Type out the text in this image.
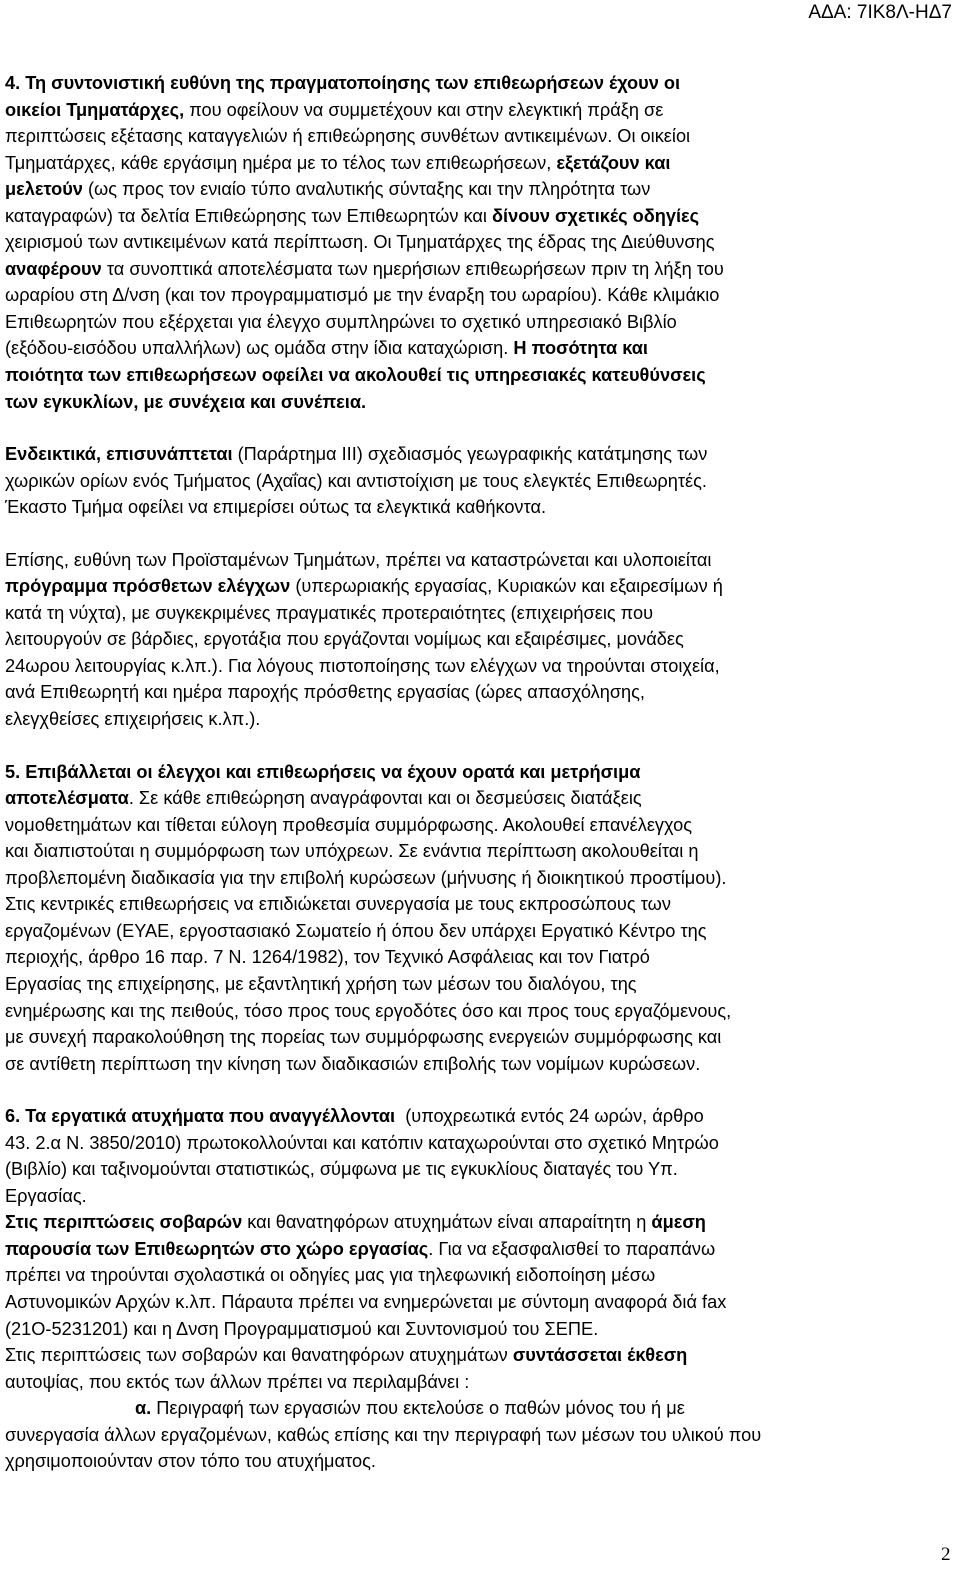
ΑΔΑ: 7ΙΚ8Λ-ΗΔ7

4. Τη συντονιστική ευθύνη της πραγματοποίησης των επιθεωρήσεων έχουν οι

οικείοι Τμηματάρχες, που οφείλουν να συμμετέχουν και στην ελεγκτική πράξη σε

περιπτώσεις εξέτασης καταγγελιών ή επιθεώρησης συνθέτων αντικειμένων. Οι οικείοι

Τμηματάρχες, κάθε εργάσιμη ημέρα με το τέλος των επιθεωρήσεων, εξετάζουν και

μελετούν (ως προς τον ενιαίο τύπο αναλυτικής σύνταξης και την πληρότητα των

καταγραφών) τα δελτία Επιθεώρησης των Επιθεωρητών και δίνουν σχετικές οδηγίες

χειρισμού των αντικειμένων κατά περίπτωση. Οι Τμηματάρχες της έδρας της Διεύθυνσης

αναφέρουν τα συνοπτικά αποτελέσματα των ημερήσιων επιθεωρήσεων πριν τη λήξη του

ωραρίου στη Δ/νση (και τον προγραμματισμό με την έναρξη του ωραρίου). Κάθε κλιμάκιο

Επιθεωρητών που εξέρχεται για έλεγχο συμπληρώνει το σχετικό υπηρεσιακό Βιβλίο

(εξόδου-εισόδου υπαλλήλων) ως ομάδα στην ίδια καταχώριση. Η ποσότητα και

ποιότητα των επιθεωρήσεων οφείλει να ακολουθεί τις υπηρεσιακές κατευθύνσεις

των εγκυκλίων, με συνέχεια και συνέπεια.

Ενδεικτικά, επισυνάπτεται (Παράρτημα ΙΙΙ) σχεδιασμός γεωγραφικής κατάτμησης των

χωρικών ορίων ενός Τμήματος (Αχαΐας) και αντιστοίχιση με τους ελεγκτές Επιθεωρητές.

Έκαστο Τμήμα οφείλει να επιμερίσει ούτως τα ελεγκτικά καθήκοντα.

Επίσης, ευθύνη των Προϊσταμένων Τμημάτων, πρέπει να καταστρώνεται και υλοποιείται

πρόγραμμα πρόσθετων ελέγχων (υπερωριακής εργασίας, Κυριακών και εξαιρεσίμων ή

κατά τη νύχτα), με συγκεκριμένες πραγματικές προτεραιότητες (επιχειρήσεις που

λειτουργούν σε βάρδιες, εργοτάξια που εργάζονται νομίμως και εξαιρέσιμες, μονάδες

24ωρου λειτουργίας κ.λπ.). Για λόγους πιστοποίησης των ελέγχων να τηρούνται στοιχεία,

ανά Επιθεωρητή και ημέρα παροχής πρόσθετης εργασίας (ώρες απασχόλησης,

ελεγχθείσες επιχειρήσεις κ.λπ.).

5. Επιβάλλεται οι έλεγχοι και επιθεωρήσεις να έχουν ορατά και μετρήσιμα

αποτελέσματα. Σε κάθε επιθεώρηση αναγράφονται και οι δεσμεύσεις διατάξεις

νομοθετημάτων και τίθεται εύλογη προθεσμία συμμόρφωσης. Ακολουθεί επανέλεγχος

και διαπιστούται η συμμόρφωση των υπόχρεων. Σε ενάντια περίπτωση ακολουθείται η

προβλεπομένη διαδικασία για την επιβολή κυρώσεων (μήνυσης ή διοικητικού προστίμου).

Στις κεντρικές επιθεωρήσεις να επιδιώκεται συνεργασία με τους εκπροσώπους των

εργαζομένων (ΕΥΑΕ, εργοστασιακό Σωματείο ή όπου δεν υπάρχει Εργατικό Κέντρο της

περιοχής, άρθρο 16 παρ. 7 Ν. 1264/1982), τον Τεχνικό Ασφάλειας και τον Γιατρό

Εργασίας της επιχείρησης, με εξαντλητική χρήση των μέσων του διαλόγου, της

ενημέρωσης και της πειθούς, τόσο προς τους εργοδότες όσο και προς τους εργαζόμενους,

με συνεχή παρακολούθηση της πορείας των συμμόρφωσης ενεργειών συμμόρφωσης και

σε αντίθετη περίπτωση την κίνηση των διαδικασιών επιβολής των νομίμων κυρώσεων.

6. Τα εργατικά ατυχήματα που αναγγέλλονται  (υποχρεωτικά εντός 24 ωρών, άρθρο

43. 2.α Ν. 3850/2010) πρωτοκολλούνται και κατόπιν καταχωρούνται στο σχετικό Μητρώο

(Βιβλίο) και ταξινομούνται στατιστικώς, σύμφωνα με τις εγκυκλίους διαταγές του Υπ.

Εργασίας.

Στις περιπτώσεις σοβαρών και θανατηφόρων ατυχημάτων είναι απαραίτητη η άμεση

παρουσία των Επιθεωρητών στο χώρο εργασίας. Για να εξασφαλισθεί το παραπάνω

πρέπει να τηρούνται σχολαστικά οι οδηγίες μας για τηλεφωνική ειδοποίηση μέσω

Αστυνομικών Αρχών κ.λπ. Πάραυτα πρέπει να ενημερώνεται με σύντομη αναφορά διά fax

(21Ο-5231201) και η Δνση Προγραμματισμού και Συντονισμού του ΣΕΠΕ.

Στις περιπτώσεις των σοβαρών και θανατηφόρων ατυχημάτων συντάσσεται έκθεση

αυτοψίας, που εκτός των άλλων πρέπει να περιλαμβάνει :

α. Περιγραφή των εργασιών που εκτελούσε ο παθών μόνος του ή με

συνεργασία άλλων εργαζομένων, καθώς επίσης και την περιγραφή των μέσων του υλικού που

χρησιμοποιούνταν στον τόπο του ατυχήματος.

2
